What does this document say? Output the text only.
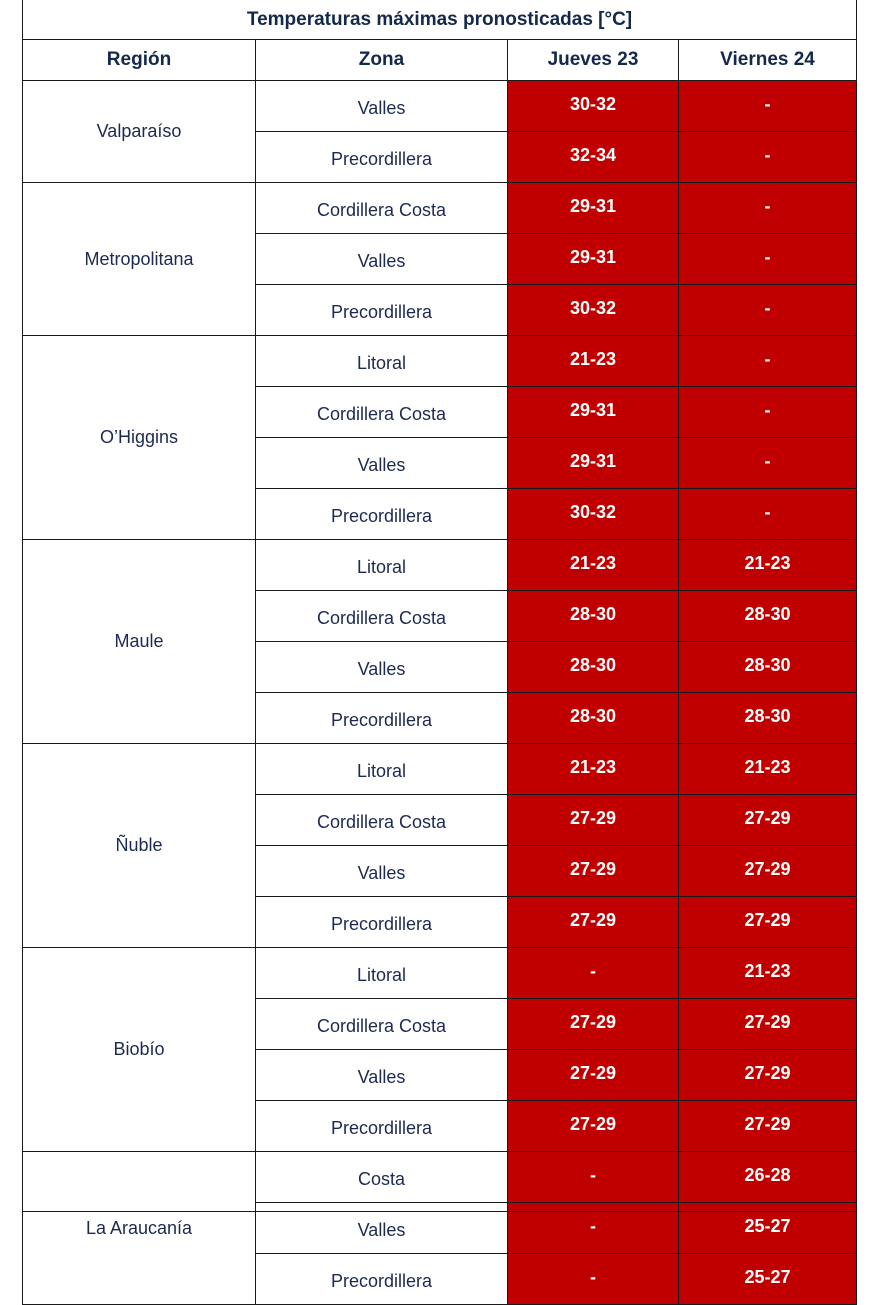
Temperaturas máximas pronosticadas [°C]			
Región	Zona	Jueves 23	Viernes 24
Valparaíso	Valles	30-32	-
	Precordillera	32-34	-
Metropolitana	Cordillera Costa	29-31	-
	Valles	29-31	-
	Precordillera	30-32	-
O’Higgins	Litoral	21-23	-
	Cordillera Costa	29-31	-
	Valles	29-31	-
	Precordillera	30-32	-
Maule	Litoral	21-23	21-23
	Cordillera Costa	28-30	28-30
	Valles	28-30	28-30
	Precordillera	28-30	28-30
Ñuble	Litoral	21-23	21-23
	Cordillera Costa	27-29	27-29
	Valles	27-29	27-29
	Precordillera	27-29	27-29
Biobío	Litoral	-	21-23
	Cordillera Costa	27-29	27-29
	Valles	27-29	27-29
	Precordillera	27-29	27-29
La Araucanía	Costa	-	26-28
	Valles	-	25-27
	Precordillera	-	25-27
